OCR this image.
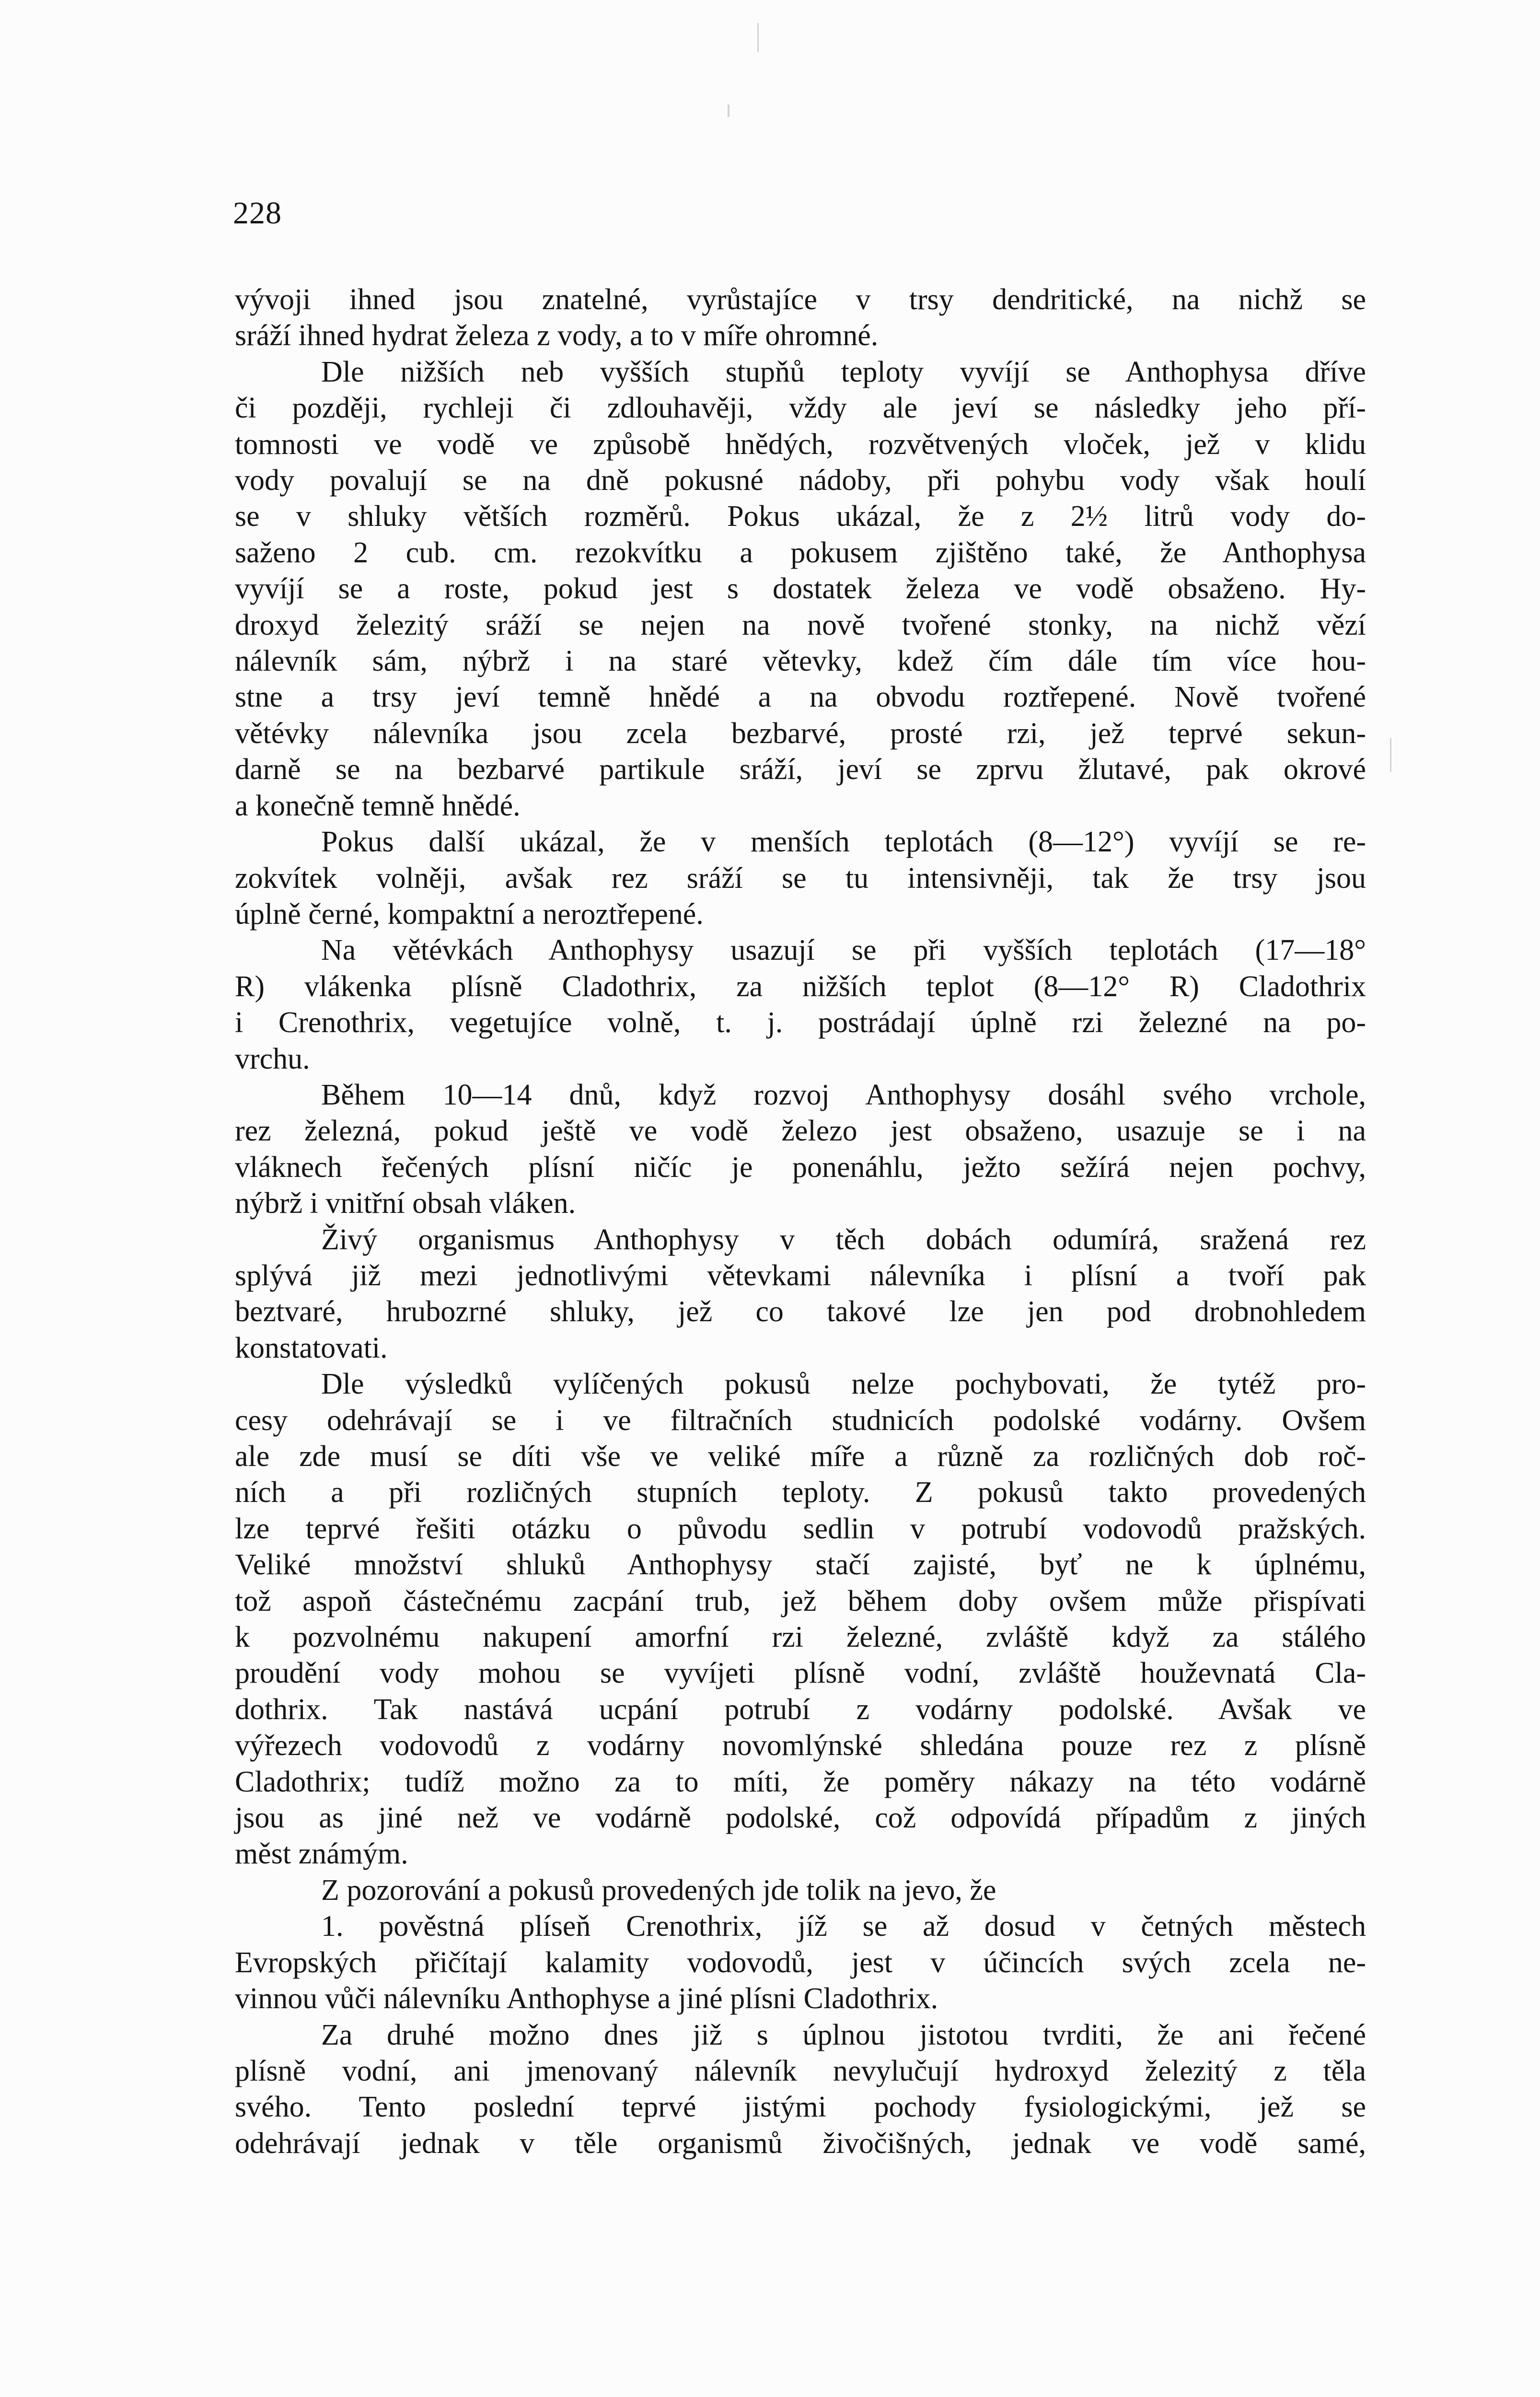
228
vývoji ihned jsou znatelné, vyrůstajíce v trsy dendritické, na nichž se
sráží ihned hydrat železa z vody, a to v míře ohromné.
Dle nižších neb vyšších stupňů teploty vyvíjí se Anthophysa dříve
či později, rychleji či zdlouhavěji, vždy ale jeví se následky jeho pří-
tomnosti ve vodě ve způsobě hnědých, rozvětvených vloček, jež v klidu
vody povalují se na dně pokusné nádoby, při pohybu vody však houlí
se v shluky větších rozměrů. Pokus ukázal, že z 2½ litrů vody do-
saženo 2 cub. cm. rezokvítku a pokusem zjištěno také, že Anthophysa
vyvíjí se a roste, pokud jest s dostatek železa ve vodě obsaženo. Hy-
droxyd železitý sráží se nejen na nově tvořené stonky, na nichž vězí
nálevník sám, nýbrž i na staré větevky, kdež čím dále tím více hou-
stne a trsy jeví temně hnědé a na obvodu roztřepené. Nově tvořené
větévky nálevníka jsou zcela bezbarvé, prosté rzi, jež teprvé sekun-
darně se na bezbarvé partikule sráží, jeví se zprvu žlutavé, pak okrové
a konečně temně hnědé.
Pokus další ukázal, že v menších teplotách (8—12°) vyvíjí se re-
zokvítek volněji, avšak rez sráží se tu intensivněji, tak že trsy jsou
úplně černé, kompaktní a neroztřepené.
Na větévkách Anthophysy usazují se při vyšších teplotách (17—18°
R) vlákenka plísně Cladothrix, za nižších teplot (8—12° R) Cladothrix
i Crenothrix, vegetujíce volně, t. j. postrádají úplně rzi železné na po-
vrchu.
Během 10—14 dnů, když rozvoj Anthophysy dosáhl svého vrchole,
rez železná, pokud ještě ve vodě železo jest obsaženo, usazuje se i na
vláknech řečených plísní ničíc je ponenáhlu, ježto sežírá nejen pochvy,
nýbrž i vnitřní obsah vláken.
Živý organismus Anthophysy v těch dobách odumírá, sražená rez
splývá již mezi jednotlivými větevkami nálevníka i plísní a tvoří pak
beztvaré, hrubozrné shluky, jež co takové lze jen pod drobnohledem
konstatovati.
Dle výsledků vylíčených pokusů nelze pochybovati, že tytéž pro-
cesy odehrávají se i ve filtračních studnicích podolské vodárny. Ovšem
ale zde musí se díti vše ve veliké míře a různě za rozličných dob roč-
ních a při rozličných stupních teploty. Z pokusů takto provedených
lze teprvé řešiti otázku o původu sedlin v potrubí vodovodů pražských.
Veliké množství shluků Anthophysy stačí zajisté, byť ne k úplnému,
tož aspoň částečnému zacpání trub, jež během doby ovšem může přispívati
k pozvolnému nakupení amorfní rzi železné, zvláště když za stálého
proudění vody mohou se vyvíjeti plísně vodní, zvláště houževnatá Cla-
dothrix. Tak nastává ucpání potrubí z vodárny podolské. Avšak ve
výřezech vodovodů z vodárny novomlýnské shledána pouze rez z plísně
Cladothrix; tudíž možno za to míti, že poměry nákazy na této vodárně
jsou as jiné než ve vodárně podolské, což odpovídá případům z jiných
měst známým.
Z pozorování a pokusů provedených jde tolik na jevo, že
1. pověstná plíseň Crenothrix, jíž se až dosud v četných městech
Evropských přičítají kalamity vodovodů, jest v účincích svých zcela ne-
vinnou vůči nálevníku Anthophyse a jiné plísni Cladothrix.
Za druhé možno dnes již s úplnou jistotou tvrditi, že ani řečené
plísně vodní, ani jmenovaný nálevník nevylučují hydroxyd železitý z těla
svého. Tento poslední teprvé jistými pochody fysiologickými, jež se
odehrávají jednak v těle organismů živočišných, jednak ve vodě samé,
